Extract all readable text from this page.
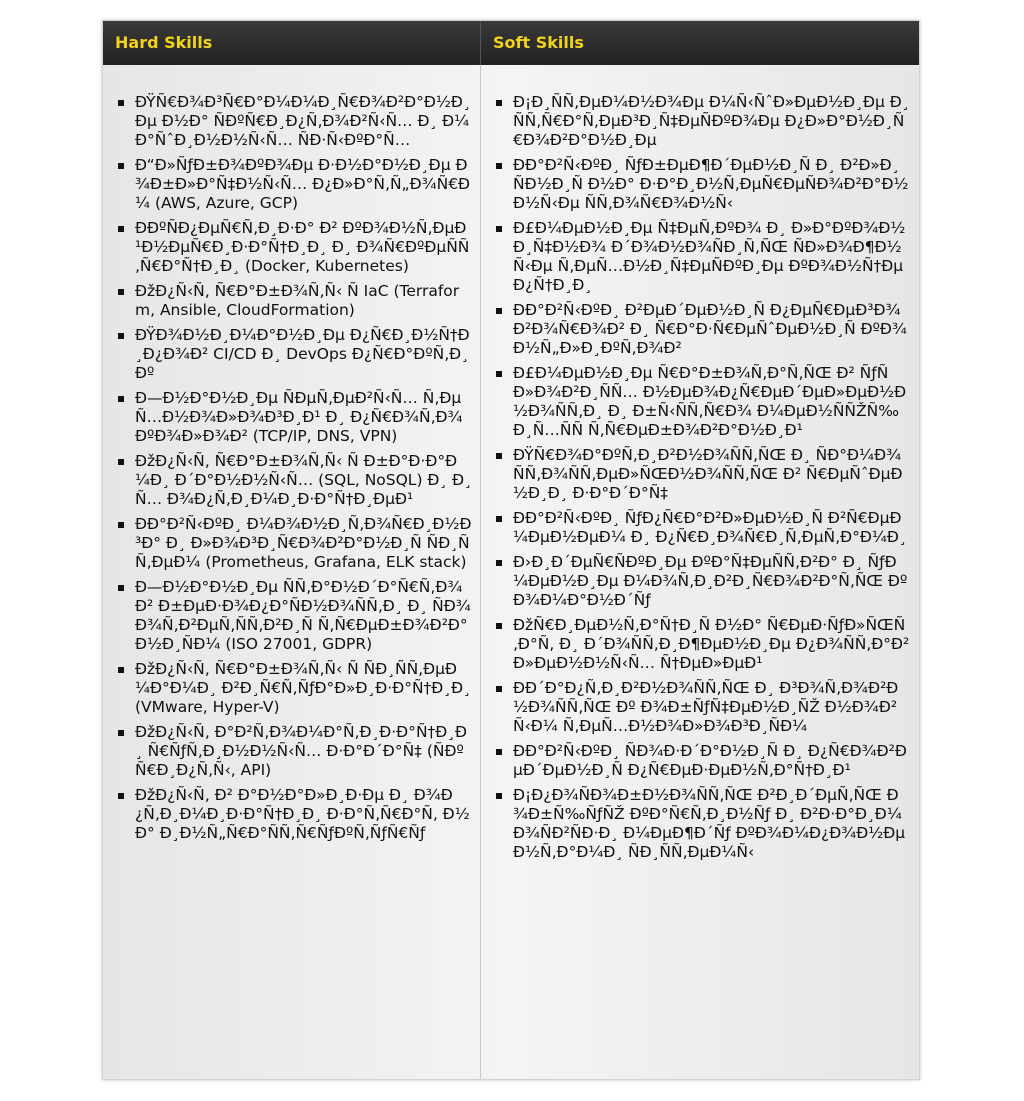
Hard Skills	Soft Skills
ĐŸÑ€Đ¾Đ³Ñ€Đ°Đ¼Đ¼Đ¸Ñ€Đ¾Đ²Đ°Đ½Đ¸Đµ Đ½Đ° ÑĐºÑ€Đ¸Đ¿Ñ‚Đ¾Đ²Ñ‹Ñ… Đ¸ Đ¼Đ°ÑˆĐ¸Đ½Đ½Ñ‹Ñ… ÑĐ·Ñ‹ĐºĐ°Ñ…
Đ“Đ»ÑƒĐ±Đ¾ĐºĐ¾Đµ Đ·Đ½Đ°Đ½Đ¸Đµ Đ¾Đ±Đ»Đ°Ñ‡Đ½Ñ‹Ñ… Đ¿Đ»Đ°Ñ‚Ñ„Đ¾Ñ€Đ¼ (AWS, Azure, GCP)
ĐĐºÑĐ¿ĐµÑ€Ñ‚Đ¸Đ·Đ° Đ² ĐºĐ¾Đ½Ñ‚ĐµĐ¹Đ½ĐµÑ€Đ¸Đ·Đ°Ñ†Đ¸Đ¸ Đ¸ Đ¾Ñ€ĐºĐµÑÑ‚Ñ€Đ°Ñ†Đ¸Đ¸ (Docker, Kubernetes)
ĐžĐ¿Ñ‹Ñ‚ Ñ€Đ°Đ±Đ¾Ñ‚Ñ‹ Ñ IaC (Terraform, Ansible, CloudFormation)
ĐŸĐ¾Đ½Đ¸Đ¼Đ°Đ½Đ¸Đµ Đ¿Ñ€Đ¸Đ½Ñ†Đ¸Đ¿Đ¾Đ² CI/CD Đ¸ DevOps Đ¿Ñ€Đ°ĐºÑ‚Đ¸Đº
Đ—Đ½Đ°Đ½Đ¸Đµ ÑĐµÑ‚ĐµĐ²Ñ‹Ñ… Ñ‚ĐµÑ…Đ½Đ¾Đ»Đ¾Đ³Đ¸Đ¹ Đ¸ Đ¿Ñ€Đ¾Ñ‚Đ¾ĐºĐ¾Đ»Đ¾Đ² (TCP/IP, DNS, VPN)
ĐžĐ¿Ñ‹Ñ‚ Ñ€Đ°Đ±Đ¾Ñ‚Ñ‹ Ñ Đ±Đ°Đ·Đ°Đ¼Đ¸ Đ´Đ°Đ½Đ½Ñ‹Ñ… (SQL, NoSQL) Đ¸ Đ¸Ñ… Đ¾Đ¿Ñ‚Đ¸Đ¼Đ¸Đ·Đ°Ñ†Đ¸ĐµĐ¹
ĐĐ°Đ²Ñ‹ĐºĐ¸ Đ¼Đ¾Đ½Đ¸Ñ‚Đ¾Ñ€Đ¸Đ½Đ³Đ° Đ¸ Đ»Đ¾Đ³Đ¸Ñ€Đ¾Đ²Đ°Đ½Đ¸Ñ ÑĐ¸ÑÑ‚ĐµĐ¼ (Prometheus, Grafana, ELK stack)
Đ—Đ½Đ°Đ½Đ¸Đµ ÑÑ‚Đ°Đ½Đ´Đ°Ñ€Ñ‚Đ¾Đ² Đ±ĐµĐ·Đ¾Đ¿Đ°ÑĐ½Đ¾ÑÑ‚Đ¸ Đ¸ ÑĐ¾Đ¾Ñ‚Đ²ĐµÑ‚ÑÑ‚Đ²Đ¸Ñ Ñ‚Ñ€ĐµĐ±Đ¾Đ²Đ°Đ½Đ¸ÑĐ¼ (ISO 27001, GDPR)
ĐžĐ¿Ñ‹Ñ‚ Ñ€Đ°Đ±Đ¾Ñ‚Ñ‹ Ñ ÑĐ¸ÑÑ‚ĐµĐ¼Đ°Đ¼Đ¸ Đ²Đ¸Ñ€Ñ‚ÑƒĐ°Đ»Đ¸Đ·Đ°Ñ†Đ¸Đ¸ (VMware, Hyper-V)
ĐžĐ¿Ñ‹Ñ‚ Đ°Đ²Ñ‚Đ¾Đ¼Đ°Ñ‚Đ¸Đ·Đ°Ñ†Đ¸Đ¸ Ñ€ÑƒÑ‚Đ¸Đ½Đ½Ñ‹Ñ… Đ·Đ°Đ´Đ°Ñ‡ (ÑĐºÑ€Đ¸Đ¿Ñ‚Ñ‹, API)
ĐžĐ¿Ñ‹Ñ‚ Đ² Đ°Đ½Đ°Đ»Đ¸Đ·Đµ Đ¸ Đ¾Đ¿Ñ‚Đ¸Đ¼Đ¸Đ·Đ°Ñ†Đ¸Đ¸ Đ·Đ°Ñ‚Ñ€Đ°Ñ‚ Đ½Đ° Đ¸Đ½Ñ„Ñ€Đ°ÑÑ‚Ñ€ÑƒĐºÑ‚ÑƒÑ€Ñƒ
Đ¡Đ¸ÑÑ‚ĐµĐ¼Đ½Đ¾Đµ Đ¼Ñ‹ÑˆĐ»ĐµĐ½Đ¸Đµ Đ¸ ÑÑ‚Ñ€Đ°Ñ‚ĐµĐ³Đ¸Ñ‡ĐµÑĐºĐ¾Đµ Đ¿Đ»Đ°Đ½Đ¸Ñ€Đ¾Đ²Đ°Đ½Đ¸Đµ
ĐĐ°Đ²Ñ‹ĐºĐ¸ ÑƒĐ±ĐµĐ¶Đ´ĐµĐ½Đ¸Ñ Đ¸ Đ²Đ»Đ¸ÑĐ½Đ¸Ñ Đ½Đ° Đ·Đ°Đ¸Đ½Ñ‚ĐµÑ€ĐµÑĐ¾Đ²Đ°Đ½Đ½Ñ‹Đµ ÑÑ‚Đ¾Ñ€Đ¾Đ½Ñ‹
Đ£Đ¼ĐµĐ½Đ¸Đµ Ñ‡ĐµÑ‚ĐºĐ¾ Đ¸ Đ»Đ°ĐºĐ¾Đ½Đ¸Ñ‡Đ½Đ¾ Đ´Đ¾Đ½Đ¾ÑĐ¸Ñ‚ÑŒ ÑĐ»Đ¾Đ¶Đ½Ñ‹Đµ Ñ‚ĐµÑ…Đ½Đ¸Ñ‡ĐµÑĐºĐ¸Đµ ĐºĐ¾Đ½Ñ†ĐµĐ¿Ñ†Đ¸Đ¸
ĐĐ°Đ²Ñ‹ĐºĐ¸ Đ²ĐµĐ´ĐµĐ½Đ¸Ñ Đ¿ĐµÑ€ĐµĐ³Đ¾Đ²Đ¾Ñ€Đ¾Đ² Đ¸ Ñ€Đ°Đ·Ñ€ĐµÑˆĐµĐ½Đ¸Ñ ĐºĐ¾Đ½Ñ„Đ»Đ¸ĐºÑ‚Đ¾Đ²
Đ£Đ¼ĐµĐ½Đ¸Đµ Ñ€Đ°Đ±Đ¾Ñ‚Đ°Ñ‚ÑŒ Đ² ÑƒÑĐ»Đ¾Đ²Đ¸ÑÑ… Đ½ĐµĐ¾Đ¿Ñ€ĐµĐ´ĐµĐ»ĐµĐ½Đ½Đ¾ÑÑ‚Đ¸ Đ¸ Đ±Ñ‹ÑÑ‚Ñ€Đ¾ Đ¼ĐµĐ½ÑÑŽÑ‰Đ¸Ñ…ÑÑ Ñ‚Ñ€ĐµĐ±Đ¾Đ²Đ°Đ½Đ¸Đ¹
ĐŸÑ€Đ¾Đ°ĐºÑ‚Đ¸Đ²Đ½Đ¾ÑÑ‚ÑŒ Đ¸ ÑĐ°Đ¼Đ¾ÑÑ‚Đ¾ÑÑ‚ĐµĐ»ÑŒĐ½Đ¾ÑÑ‚ÑŒ Đ² Ñ€ĐµÑˆĐµĐ½Đ¸Đ¸ Đ·Đ°Đ´Đ°Ñ‡
ĐĐ°Đ²Ñ‹ĐºĐ¸ ÑƒĐ¿Ñ€Đ°Đ²Đ»ĐµĐ½Đ¸Ñ Đ²Ñ€ĐµĐ¼ĐµĐ½ĐµĐ¼ Đ¸ Đ¿Ñ€Đ¸Đ¾Ñ€Đ¸Ñ‚ĐµÑ‚Đ°Đ¼Đ¸
Đ›Đ¸Đ´ĐµÑ€ÑĐºĐ¸Đµ ĐºĐ°Ñ‡ĐµÑÑ‚Đ²Đ° Đ¸ ÑƒĐ¼ĐµĐ½Đ¸Đµ Đ¼Đ¾Ñ‚Đ¸Đ²Đ¸Ñ€Đ¾Đ²Đ°Ñ‚ÑŒ ĐºĐ¾Đ¼Đ°Đ½Đ´Ñƒ
ĐžÑ€Đ¸ĐµĐ½Ñ‚Đ°Ñ†Đ¸Ñ Đ½Đ° Ñ€ĐµĐ·ÑƒĐ»ÑŒÑ‚Đ°Ñ‚ Đ¸ Đ´Đ¾ÑÑ‚Đ¸Đ¶ĐµĐ½Đ¸Đµ Đ¿Đ¾ÑÑ‚Đ°Đ²Đ»ĐµĐ½Đ½Ñ‹Ñ… Ñ†ĐµĐ»ĐµĐ¹
ĐĐ´Đ°Đ¿Ñ‚Đ¸Đ²Đ½Đ¾ÑÑ‚ÑŒ Đ¸ Đ³Đ¾Ñ‚Đ¾Đ²Đ½Đ¾ÑÑ‚ÑŒ Đº Đ¾Đ±ÑƒÑ‡ĐµĐ½Đ¸ÑŽ Đ½Đ¾Đ²Ñ‹Đ¼ Ñ‚ĐµÑ…Đ½Đ¾Đ»Đ¾Đ³Đ¸ÑĐ¼
ĐĐ°Đ²Ñ‹ĐºĐ¸ ÑĐ¾Đ·Đ´Đ°Đ½Đ¸Ñ Đ¸ Đ¿Ñ€Đ¾Đ²ĐµĐ´ĐµĐ½Đ¸Ñ Đ¿Ñ€ĐµĐ·ĐµĐ½Ñ‚Đ°Ñ†Đ¸Đ¹
Đ¡Đ¿Đ¾ÑĐ¾Đ±Đ½Đ¾ÑÑ‚ÑŒ Đ²Đ¸Đ´ĐµÑ‚ÑŒ Đ¾Đ±Ñ‰ÑƒÑŽ ĐºĐ°Ñ€Ñ‚Đ¸Đ½Ñƒ Đ¸ Đ²Đ·Đ°Đ¸Đ¼Đ¾ÑĐ²ÑĐ·Đ¸ Đ¼ĐµĐ¶Đ´Ñƒ ĐºĐ¾Đ¼Đ¿Đ¾Đ½ĐµĐ½Ñ‚Đ°Đ¼Đ¸ ÑĐ¸ÑÑ‚ĐµĐ¼Ñ‹
